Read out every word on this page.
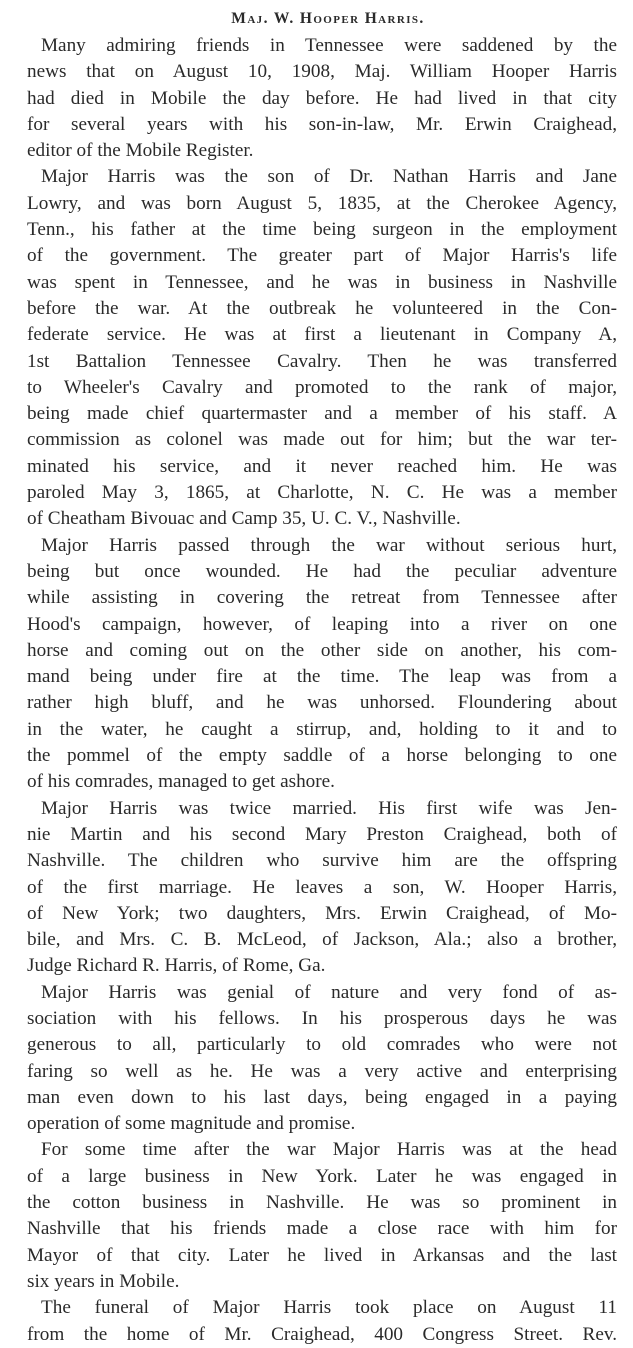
Maj. W. Hooper Harris.

Many admiring friends in Tennessee were saddened by the
news that on August 10, 1908, Maj. William Hooper Harris
had died in Mobile the day before. He had lived in that city
for several years with his son-in-law, Mr. Erwin Craighead,
editor of the Mobile Register.

Major Harris was the son of Dr. Nathan Harris and Jane
Lowry, and was born August 5, 1835, at the Cherokee Agency,
Tenn., his father at the time being surgeon in the employment
of the government. The greater part of Major Harris's life
was spent in Tennessee, and he was in business in Nashville
before the war. At the outbreak he volunteered in the Con-
federate service. He was at first a lieutenant in Company A,
1st Battalion Tennessee Cavalry. Then he was transferred
to Wheeler's Cavalry and promoted to the rank of major,
being made chief quartermaster and a member of his staff. A
commission as colonel was made out for him; but the war ter-
minated his service, and it never reached him. He was
paroled May 3, 1865, at Charlotte, N. C. He was a member
of Cheatham Bivouac and Camp 35, U. C. V., Nashville.

Major Harris passed through the war without serious hurt,
being but once wounded. He had the peculiar adventure
while assisting in covering the retreat from Tennessee after
Hood's campaign, however, of leaping into a river on one
horse and coming out on the other side on another, his com-
mand being under fire at the time. The leap was from a
rather high bluff, and he was unhorsed. Floundering about
in the water, he caught a stirrup, and, holding to it and to
the pommel of the empty saddle of a horse belonging to one
of his comrades, managed to get ashore.

Major Harris was twice married. His first wife was Jen-
nie Martin and his second Mary Preston Craighead, both of
Nashville. The children who survive him are the offspring
of the first marriage. He leaves a son, W. Hooper Harris,
of New York; two daughters, Mrs. Erwin Craighead, of Mo-
bile, and Mrs. C. B. McLeod, of Jackson, Ala.; also a brother,
Judge Richard R. Harris, of Rome, Ga.

Major Harris was genial of nature and very fond of as-
sociation with his fellows. In his prosperous days he was
generous to all, particularly to old comrades who were not
faring so well as he. He was a very active and enterprising
man even down to his last days, being engaged in a paying
operation of some magnitude and promise.

For some time after the war Major Harris was at the head
of a large business in New York. Later he was engaged in
the cotton business in Nashville. He was so prominent in
Nashville that his friends made a close race with him for
Mayor of that city. Later he lived in Arkansas and the last
six years in Mobile.

The funeral of Major Harris took place on August 11
from the home of Mr. Craighead, 400 Congress Street. Rev.
